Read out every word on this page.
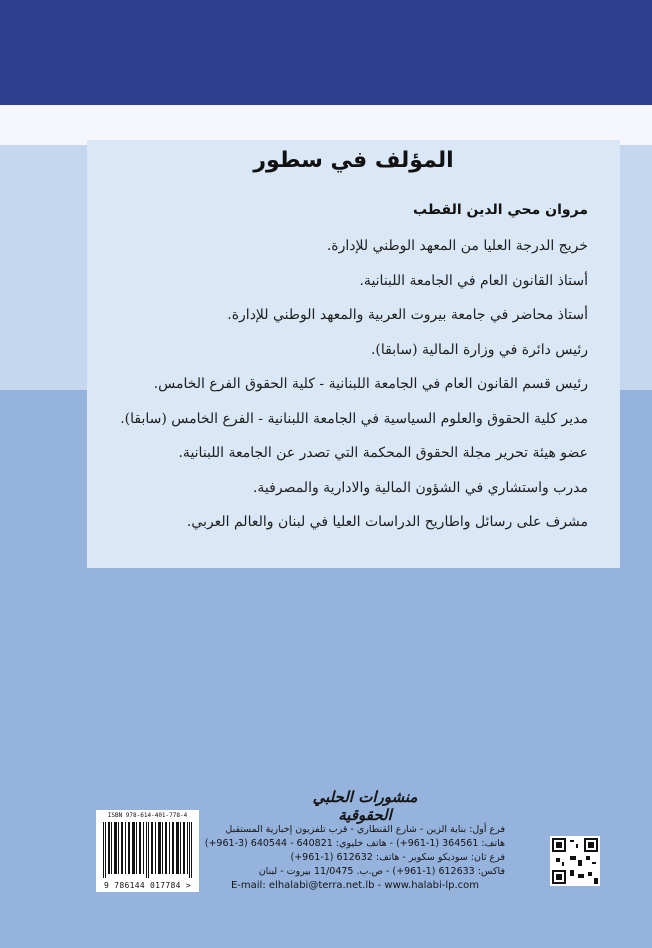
المؤلف في سطور
مروان محي الدين القطب
خريج الدرجة العليا من المعهد الوطني للإدارة.
أستاذ القانون العام في الجامعة اللبنانية.
أستاذ محاضر في جامعة بيروت العربية والمعهد الوطني للإدارة.
رئيس دائرة في وزارة المالية (سابقا).
رئيس قسم القانون العام في الجامعة اللبنانية - كلية الحقوق الفرع الخامس.
مدير كلية الحقوق والعلوم السياسية في الجامعة اللبنانية - الفرع الخامس (سابقا).
عضو هيئة تحرير مجلة الحقوق المحكمة التي تصدر عن الجامعة اللبنانية.
مدرب واستشاري في الشؤون المالية والادارية والمصرفية.
مشرف على رسائل واطاريح الدراسات العليا في لبنان والعالم العربي.
منشورات الحلبي الحقوقية
فرع أول: بناية الزين - شارع القنطاري - قرب تلفزيون إخبارية المستقبل
هاتف: 364561 (1-961+) - هاتف خليوي: 640821 - 640544 (3-961+)
فرع ثان: سوديكو سكوير - هاتف: 612632 (1-961+)
فاكس: 612633 (1-961+) - ص.ب. 11/0475 بيروت - لبنان
E-mail: elhalabi@terra.net.lb - www.halabi-lp.com
ISBN 978-614-401-778-4
9 786144 017784 >
